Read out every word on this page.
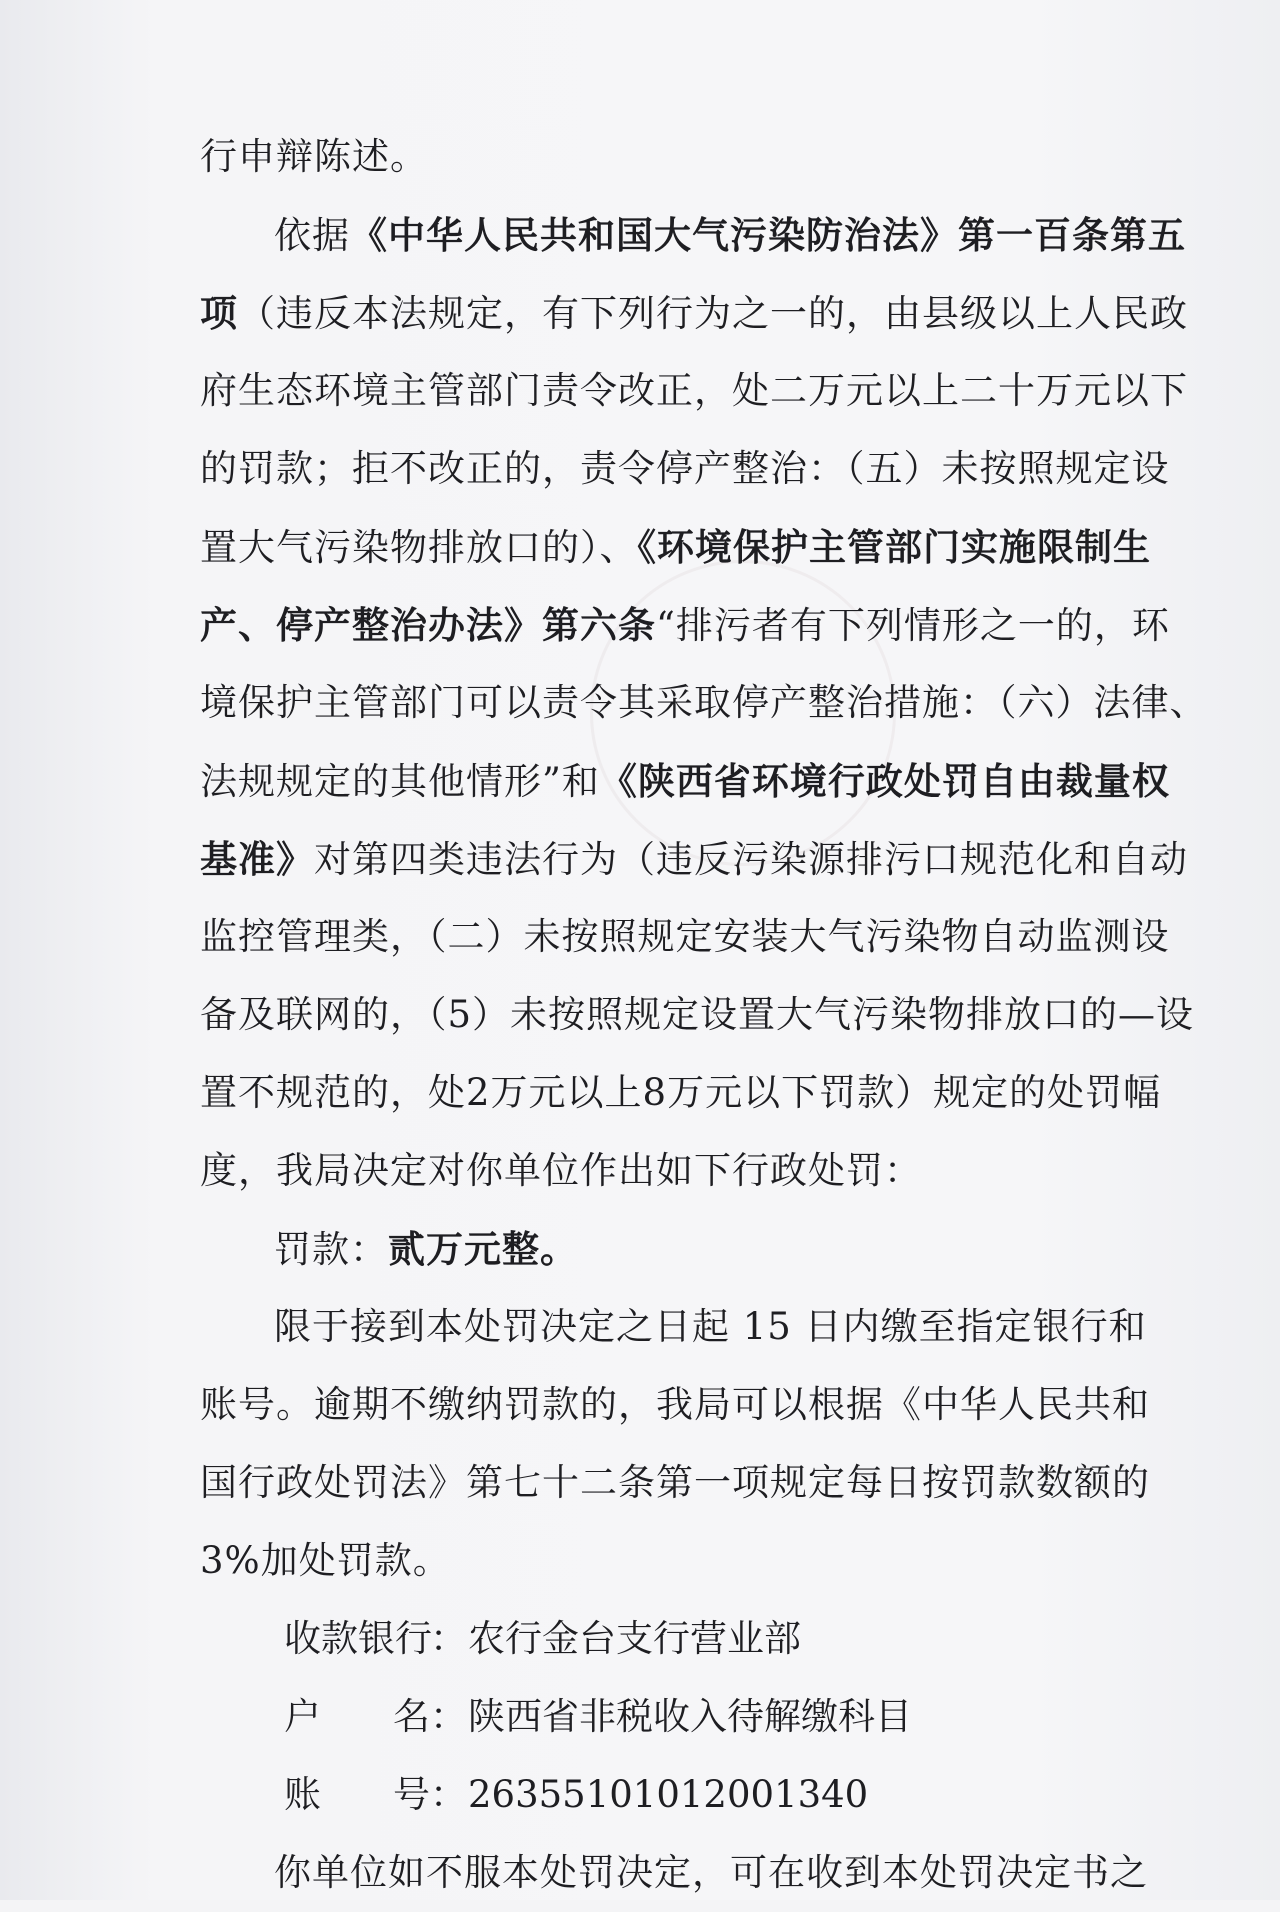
行申辩陈述。
依据《中华人民共和国大气污染防治法》第一百条第五
项（违反本法规定，有下列行为之一的，由县级以上人民政
府生态环境主管部门责令改正，处二万元以上二十万元以下
的罚款；拒不改正的，责令停产整治：（五）未按照规定设
置大气污染物排放口的）、《环境保护主管部门实施限制生
产、停产整治办法》第六条“排污者有下列情形之一的，环
境保护主管部门可以责令其采取停产整治措施：（六）法律、
法规规定的其他情形”和《陕西省环境行政处罚自由裁量权
基准》对第四类违法行为（违反污染源排污口规范化和自动
监控管理类，（二）未按照规定安装大气污染物自动监测设
备及联网的，（5）未按照规定设置大气污染物排放口的—设
置不规范的，处2万元以上8万元以下罚款）规定的处罚幅
度，我局决定对你单位作出如下行政处罚：
罚款：贰万元整。
限于接到本处罚决定之日起 15 日内缴至指定银行和
账号。逾期不缴纳罚款的，我局可以根据《中华人民共和
国行政处罚法》第七十二条第一项规定每日按罚款数额的
3%加处罚款。
收款银行
： 农行金台支行营业部
户名 ： 陕西省非税收入待解缴科目
账号 ： 26355101012001340
你单位如不服本处罚决定，可在收到本处罚决定书之
